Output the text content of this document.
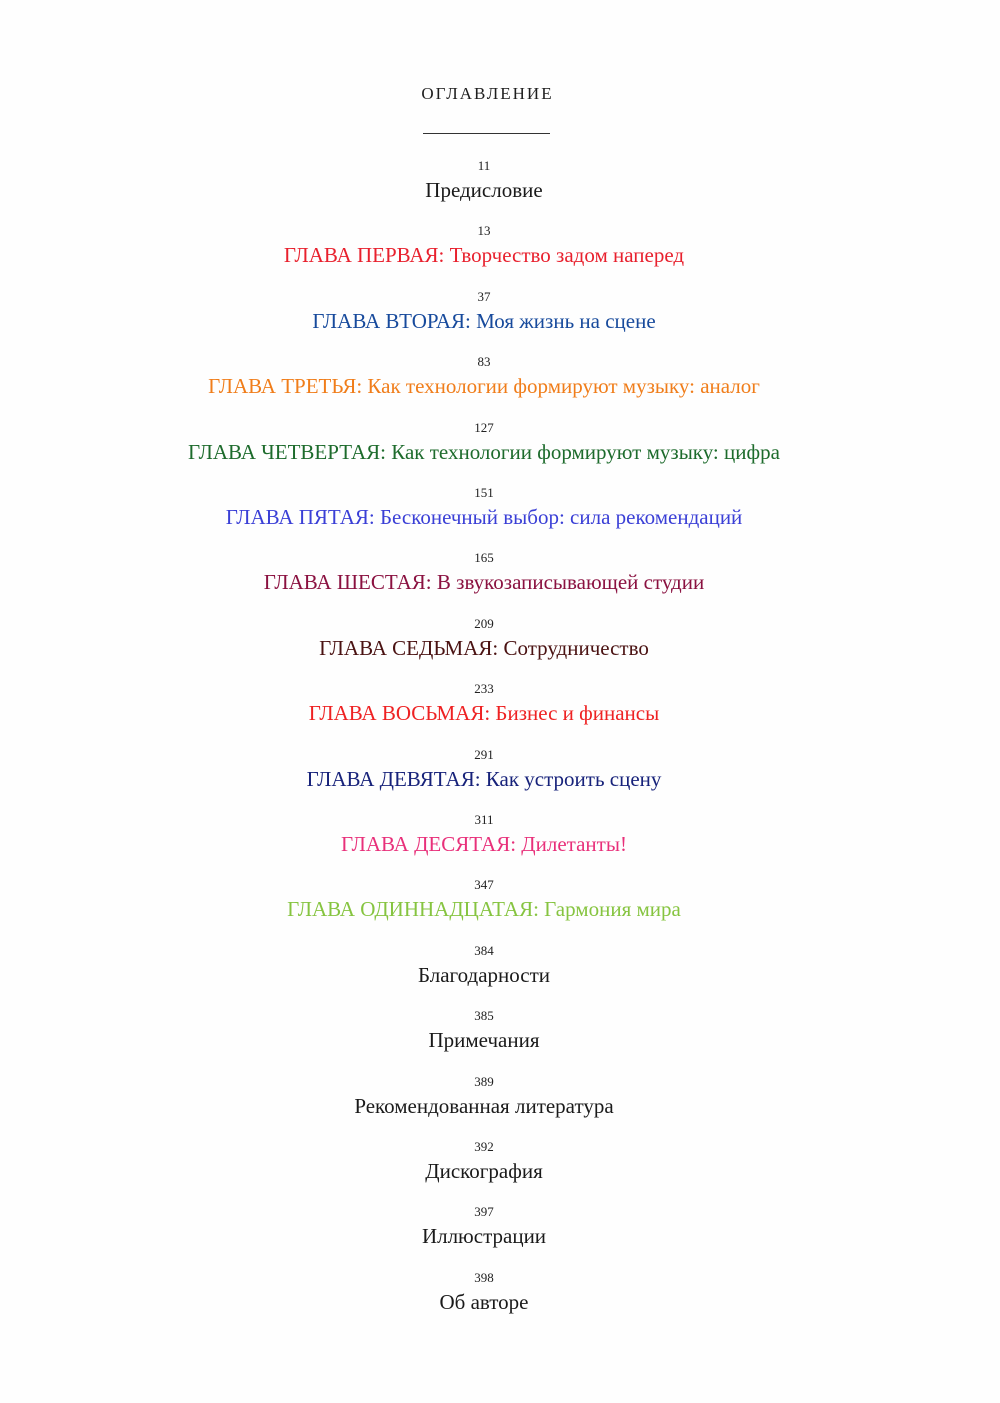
ОГЛАВЛЕНИЕ
11
Предисловие
13
ГЛАВА ПЕРВАЯ: Творчество задом наперед
37
ГЛАВА ВТОРАЯ: Моя жизнь на сцене
83
ГЛАВА ТРЕТЬЯ: Как технологии формируют музыку: аналог
127
ГЛАВА ЧЕТВЕРТАЯ: Как технологии формируют музыку: цифра
151
ГЛАВА ПЯТАЯ: Бесконечный выбор: сила рекомендаций
165
ГЛАВА ШЕСТАЯ: В звукозаписывающей студии
209
ГЛАВА СЕДЬМАЯ: Сотрудничество
233
ГЛАВА ВОСЬМАЯ: Бизнес и финансы
291
ГЛАВА ДЕВЯТАЯ: Как устроить сцену
311
ГЛАВА ДЕСЯТАЯ: Дилетанты!
347
ГЛАВА ОДИННАДЦАТАЯ: Гармония мира
384
Благодарности
385
Примечания
389
Рекомендованная литература
392
Дискография
397
Иллюстрации
398
Об авторе
